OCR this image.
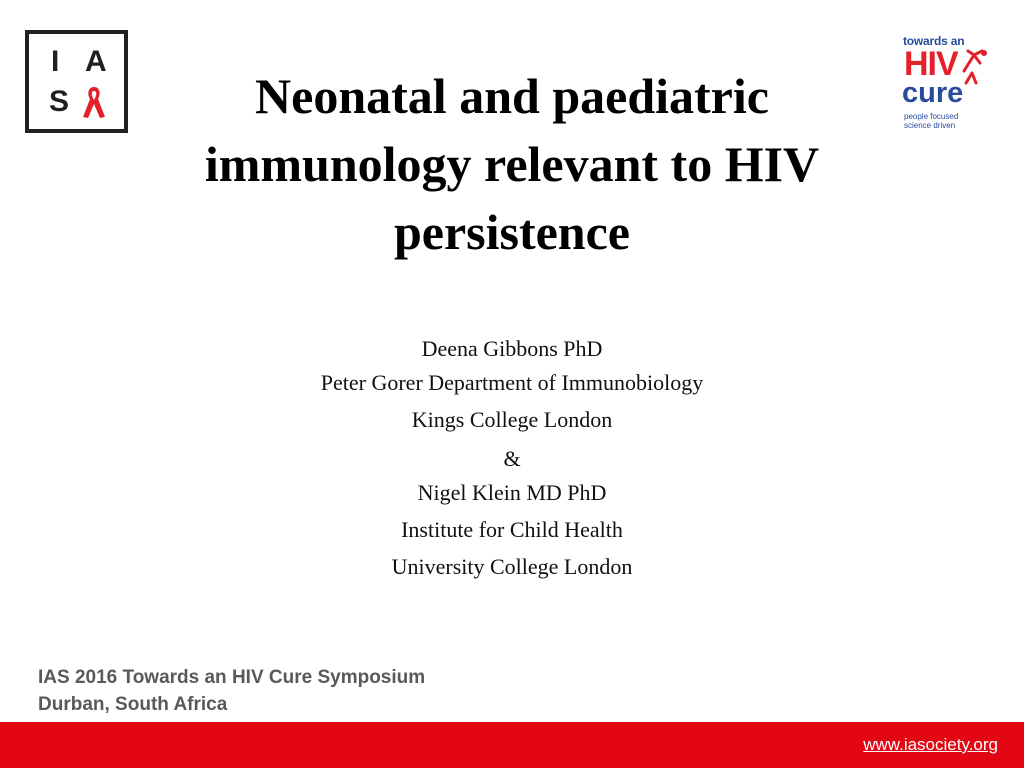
I A
S
towards an
HIV
cure
people focused
science driven
Neonatal and paediatric
immunology relevant to HIV
persistence
Deena Gibbons PhD
Peter Gorer Department of Immunobiology
Kings College London
&
Nigel Klein MD PhD
Institute for Child Health
University College London
IAS 2016 Towards an HIV Cure Symposium
Durban, South Africa
www.iasociety.org
